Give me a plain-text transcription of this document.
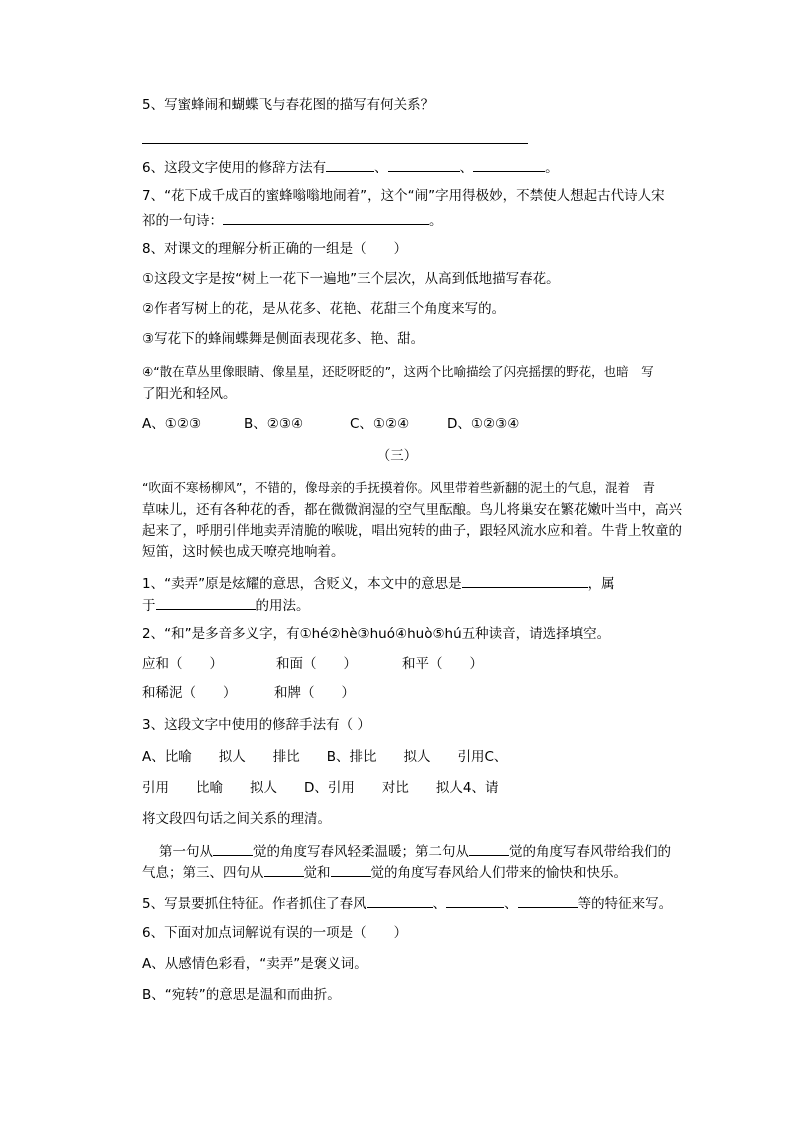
5、写蜜蜂闹和蝴蝶飞与春花图的描写有何关系？
6、这段文字使用的修辞方法有	、	、	。
7、“花下成千成百的蜜蜂嗡嗡地闹着”，这个“闹”字用得极妙，不禁使人想起古代诗人宋
祁的一句诗：	。
8、对课文的理解分析正确的一组是（　　）
①这段文字是按“树上一花下一遍地”三个层次，从高到低地描写春花。
②作者写树上的花，是从花多、花艳、花甜三个角度来写的。
③写花下的蜂闹蝶舞是侧面表现花多、艳、甜。
④“散在草丛里像眼睛、像星星，还眨呀眨的”，这两个比喻描绘了闪亮摇摆的野花，也暗　写
了阳光和轻风。
A、①②③	B、②③④	C、①②④	D、①②③④
（三）
“吹面不寒杨柳风”，不错的，像母亲的手抚摸着你。风里带着些新翻的泥土的气息，混着　青
草味儿，还有各种花的香，都在微微润湿的空气里酝酿。鸟儿将巢安在繁花嫩叶当中，高兴
起来了，呼朋引伴地卖弄清脆的喉咙，唱出宛转的曲子，跟轻风流水应和着。牛背上牧童的
短笛，这时候也成天嘹亮地响着。
1、“卖弄”原是炫耀的意思，含贬义，本文中的意思是	，属
于	的用法。
2、“和”是多音多义字，有①hé②hè③huó④huò⑤hú五种读音，请选择填空。
应和（　　）	和面（　　）	和平（　　）
和稀泥（　　）	和牌（　　）
3、这段文字中使用的修辞手法有（ ）
A、比喻　　拟人　　排比　　B、排比　　拟人　　引用C、
引用　　比喻　　拟人　　D、引用　　对比　　拟人4、请
将文段四句话之间关系的理清。
第一句从	觉的角度写春风轻柔温暖；第二句从	觉的角度写春风带给我们的
气息；第三、四句从	觉和	觉的角度写春风给人们带来的愉快和快乐。
5、写景要抓住特征。作者抓住了春风	、	、	等的特征来写。
6、下面对加点词解说有误的一项是（　　）
A、从感情色彩看，“卖弄”是褒义词。
B、“宛转”的意思是温和而曲折。
